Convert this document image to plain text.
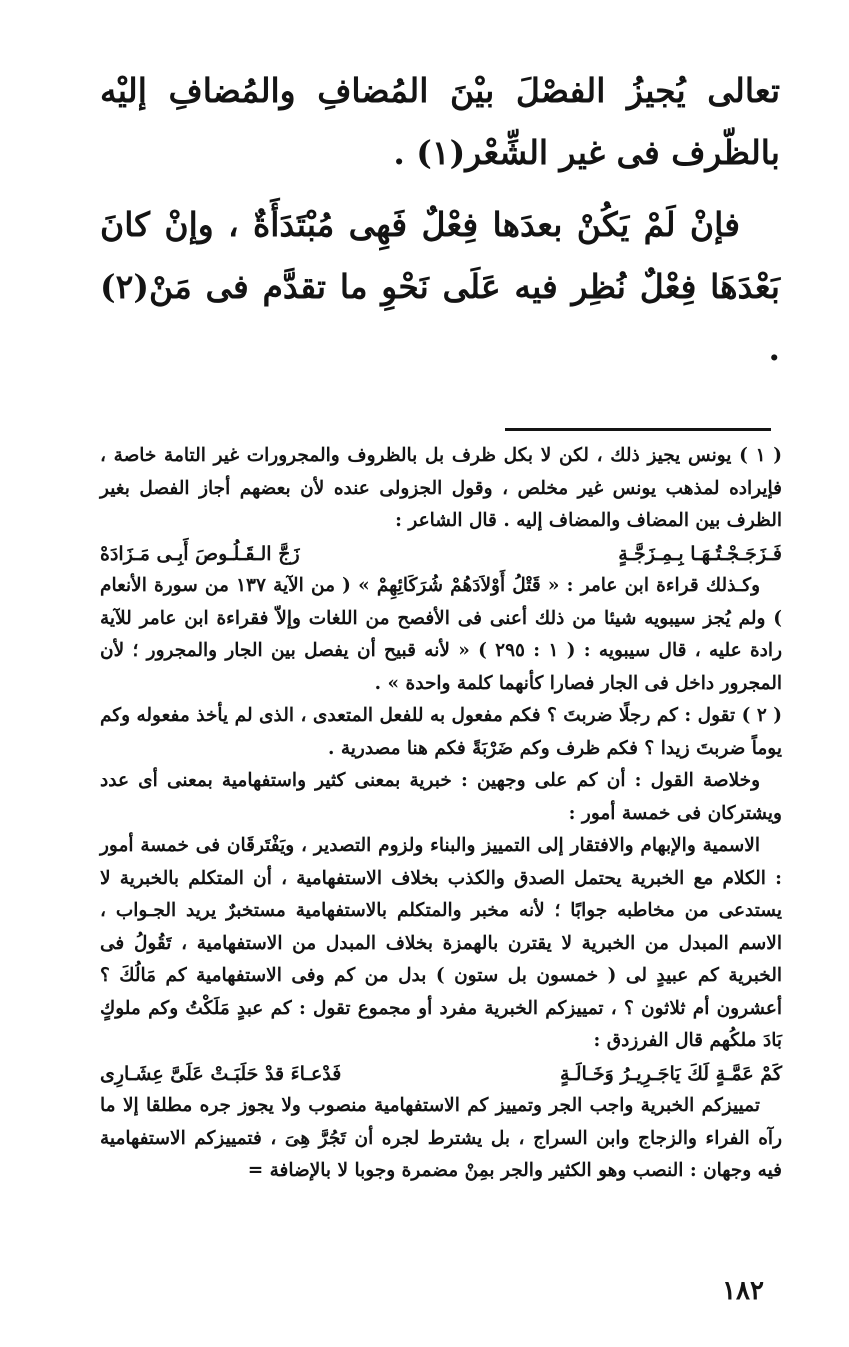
تعالى يُجيزُ الفصْلَ بيْنَ المُضافِ والمُضافِ إليْه بالظّرف فى غير الشِّعْر(١) .

فإنْ لَمْ يَكُنْ بعدَها فِعْلٌ فَهِى مُبْتَدَأَةٌ ، وإنْ كانَ بَعْدَهَا فِعْلٌ نُظِر فيه عَلَى نَحْوِ ما تقدَّم فى مَنْ(٢) .

( ١ ) يونس يجيز ذلك ، لكن لا بكل ظرف بل بالظروف والمجرورات غير التامة خاصة ، فإيراده لمذهب يونس غير مخلص ، وقول الجزولى عنده لأن بعضهم أجاز الفصل بغير الظرف بين المضاف والمضاف إليه . قال الشاعر :

فَـزَجَـجْـتُـهَـا بِـمِـزَجَّـةٍ
زَجَّ الـقَـلُـوصَ أَبِـى مَـزَادَهْ

وكـذلك قراءة ابن عامر : « قَتْلُ أَوْلاَدَهُمْ شُرَكَائِهِمْ » ( من الآية ١٣٧ من سورة الأنعام ) ولم يُجز سيبويه شيئا من ذلك أعنى فى الأفصح من اللغات وإلاّ فقراءة ابن عامر للآية رادة عليه ، قال سيبويه : ( ١ : ٢٩٥ ) « لأنه قبيح أن يفصل بين الجار والمجرور ؛ لأن المجرور داخل فى الجار فصارا كأنهما كلمة واحدة » .

( ٢ ) تقول : كم رجلًا ضربتَ ؟ فكم مفعول به للفعل المتعدى ، الذى لم يأخذ مفعوله وكم يوماً ضربتَ زيدا ؟ فكم ظرف وكم ضَرْبَةً فكم هنا مصدرية .

وخلاصة القول : أن كم على وجهين : خبرية بمعنى كثير واستفهامية بمعنى أى عدد ويشتركان فى خمسة أمور :

الاسمية والإبهام والافتقار إلى التمييز والبناء ولزوم التصدير ، ويَفْتَرقَان فى خمسة أمور : الكلام مع الخبرية يحتمل الصدق والكذب بخلاف الاستفهامية ، أن المتكلم بالخبرية لا يستدعى من مخاطبه جوابًا ؛ لأنه مخبر والمتكلم بالاستفهامية مستخبرٌ يريد الجـواب ، الاسم المبدل من الخبرية لا يقترن بالهمزة بخلاف المبدل من الاستفهامية ، تَقُولُ فى الخبرية كم عبيدٍ لى ( خمسون بل ستون ) بدل من كم وفى الاستفهامية كم مَالُكَ ؟ أعشرون أم ثلاثون ؟ ، تمييزكم الخبرية مفرد أو مجموع تقول : كم عبدٍ مَلَكْتُ وكم ملوكٍ بَادَ ملكُهم قال الفرزدق :

كَمْ عَمَّـةٍ لَكَ يَاجَـرِيـرُ وَخَـالَـةٍ
فَدْعـاءَ قدْ حَلَبَـتْ عَلَىَّ عِشَـارِى

تمييزكم الخبرية واجب الجر وتمييز كم الاستفهامية منصوب ولا يجوز جره مطلقا إلا ما رآه الفراء والزجاج وابن السراج ، بل يشترط لجره أن تَجُرَّ هِىَ ، فتمييزكم الاستفهامية فيه وجهان : النصب وهو الكثير والجر بمِنْ مضمرة وجوبا لا بالإضافة =

١٨٢
